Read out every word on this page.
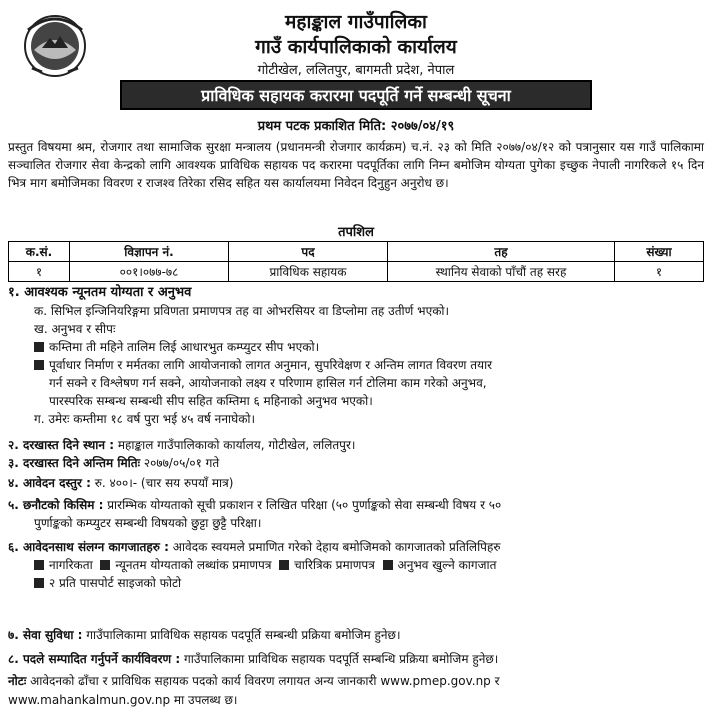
महाङ्काल गाउँपालिका
गाउँ कार्यपालिकाको कार्यालय
गोटीखेल, ललितपुर, बागमती प्रदेश, नेपाल
प्राविधिक सहायक करारमा पदपूर्ति गर्ने सम्बन्धी सूचना
प्रथम पटक प्रकाशित मिति: २०७७/०४/१९
प्रस्तुत विषयमा श्रम, रोजगार तथा सामाजिक सुरक्षा मन्त्रालय (प्रधानमन्त्री रोजगार कार्यक्रम) च.नं. २३ को मिति २०७७/०४/१२ को पत्रानुसार यस गाउँ पालिकामा सञ्चालित रोजगार सेवा केन्द्रको लागि आवश्यक प्राविधिक सहायक पद करारमा पदपूर्तिका लागि निम्न बमोजिम योग्यता पुगेका इच्छुक नेपाली नागरिकले १५ दिन भित्र माग बमोजिमका विवरण र राजश्व तिरेका रसिद सहित यस कार्यालयमा निवेदन दिनुहुन अनुरोध छ।
तपशिल
क.सं.	विज्ञापन नं.	पद	तह	संख्या
१	००१।०७७-७८	प्राविधिक सहायक	स्थानिय सेवाको पाँचौं तह सरह	१
१. आवश्यक न्यूनतम योग्यता र अनुभव
क. सिभिल इन्जिनियरिङ्गमा प्रविणता प्रमाणपत्र तह वा ओभरसियर वा डिप्लोमा तह उतीर्ण भएको।
ख. अनुभव र सीपः
कम्तिमा ती महिने तालिम लिई आधारभुत कम्प्युटर सीप भएको।
पूर्वाधार निर्माण र मर्मतका लागि आयोजनाको लागत अनुमान, सुपरिवेक्षण र अन्तिम लागत विवरण तयार
गर्न सक्ने र विश्लेषण गर्न सक्ने, आयोजनाको लक्ष्य र परिणाम हासिल गर्न टोलिमा काम गरेको अनुभव,
पारस्परिक सम्बन्ध सम्बन्धी सीप सहित कम्तिमा ६ महिनाको अनुभव भएको।
ग. उमेरः कम्तीमा १८ वर्ष पुरा भई ४५ वर्ष ननाघेको।
२. दरखास्त दिने स्थान : महाङ्काल गाउँपालिकाको कार्यालय, गोटीखेल, ललितपुर।
३. दरखास्त दिने अन्तिम मितिः २०७७/०५/०१ गते
४. आवेदन दस्तुर : रु. ४००।- (चार सय रुपयाँ मात्र)
५. छनौटको किसिम : प्रारम्भिक योग्यताको सूची प्रकाशन र लिखित परिक्षा (५० पुर्णाङ्कको सेवा सम्बन्धी विषय र ५०
पुर्णाङ्कको कम्प्युटर सम्बन्धी विषयको छुट्टा छुट्टै परिक्षा।
६. आवेदनसाथ संलग्न कागजातहरु : आवेदक स्वयमले प्रमाणित गरेको देहाय बमोजिमको कागजातको प्रतिलिपिहरु
नागरिकता न्यूनतम योग्यताको लब्धांक प्रमाणपत्र चारित्रिक प्रमाणपत्र अनुभव खुल्ने कागजात
२ प्रति पासपोर्ट साइजको फोटो
७. सेवा सुविधा : गाउँपालिकामा प्राविधिक सहायक पदपूर्ति सम्बन्धी प्रक्रिया बमोजिम हुनेछ।
८. पदले सम्पादित गर्नुपर्ने कार्यविवरण : गाउँपालिकामा प्राविधिक सहायक पदपूर्ति सम्बन्धि प्रक्रिया बमोजिम हुनेछ।
नोटः आवेदनको ढाँचा र प्राविधिक सहायक पदको कार्य विवरण लगायत अन्य जानकारी www.pmep.gov.np र
www.mahankalmun.gov.np मा उपलब्ध छ।
